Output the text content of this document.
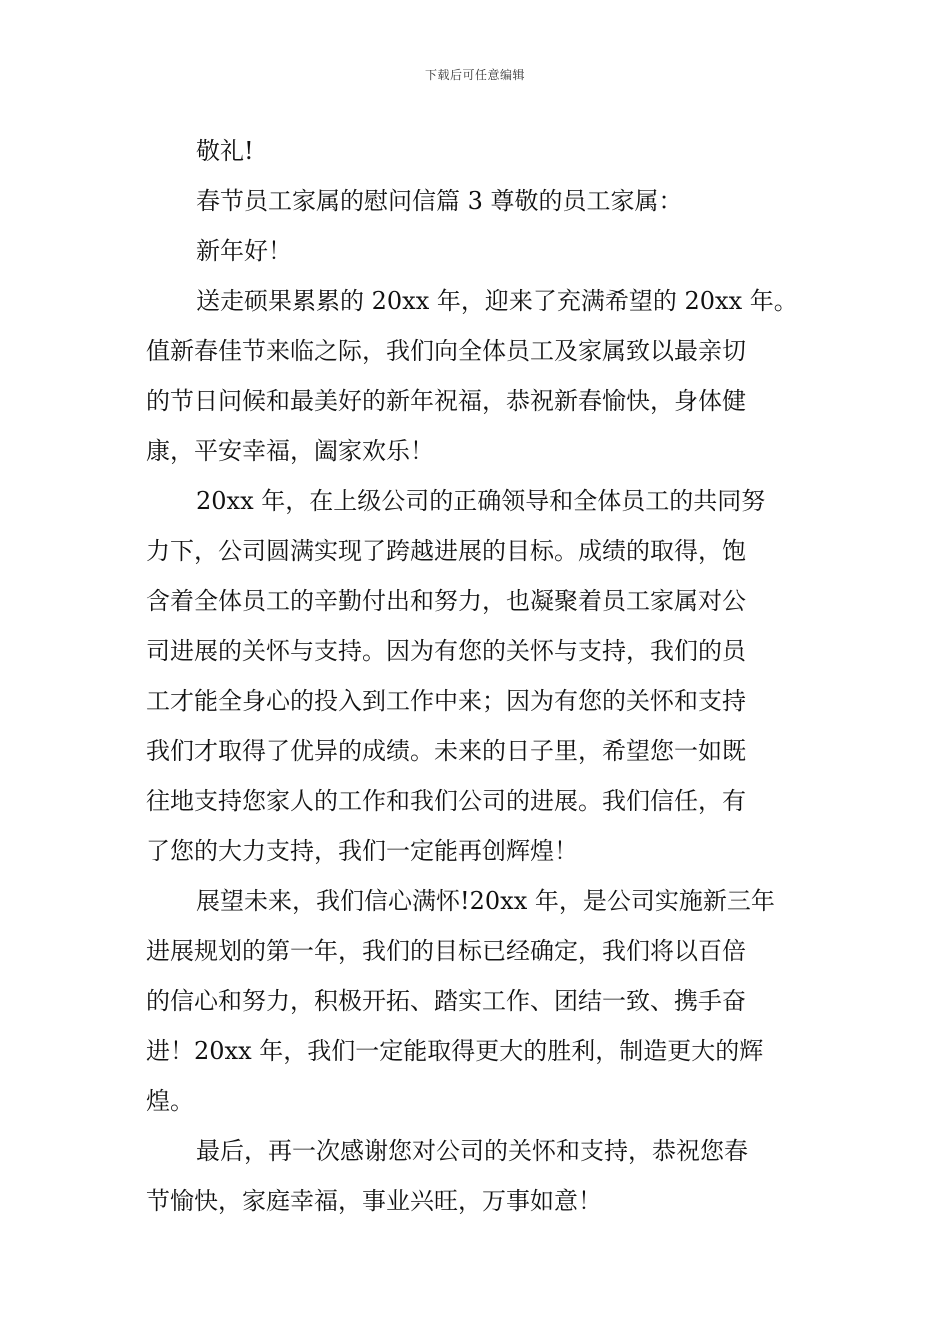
下载后可任意编辑
敬礼!
春节员工家属的慰问信篇 3 尊敬的员工家属：
新年好！
送走硕果累累的 20xx 年，迎来了充满希望的 20xx 年。
值新春佳节来临之际，我们向全体员工及家属致以最亲切
的节日问候和最美好的新年祝福，恭祝新春愉快，身体健
康，平安幸福，阖家欢乐！
20xx 年，在上级公司的正确领导和全体员工的共同努
力下，公司圆满实现了跨越进展的目标。成绩的取得，饱
含着全体员工的辛勤付出和努力，也凝聚着员工家属对公
司进展的关怀与支持。因为有您的关怀与支持，我们的员
工才能全身心的投入到工作中来；因为有您的关怀和支持
我们才取得了优异的成绩。未来的日子里，希望您一如既
往地支持您家人的工作和我们公司的进展。我们信任，有
了您的大力支持，我们一定能再创辉煌！
展望未来，我们信心满怀!20xx 年，是公司实施新三年
进展规划的第一年，我们的目标已经确定，我们将以百倍
的信心和努力，积极开拓、踏实工作、团结一致、携手奋
进！20xx 年，我们一定能取得更大的胜利，制造更大的辉
煌。
最后，再一次感谢您对公司的关怀和支持，恭祝您春
节愉快，家庭幸福，事业兴旺，万事如意！
